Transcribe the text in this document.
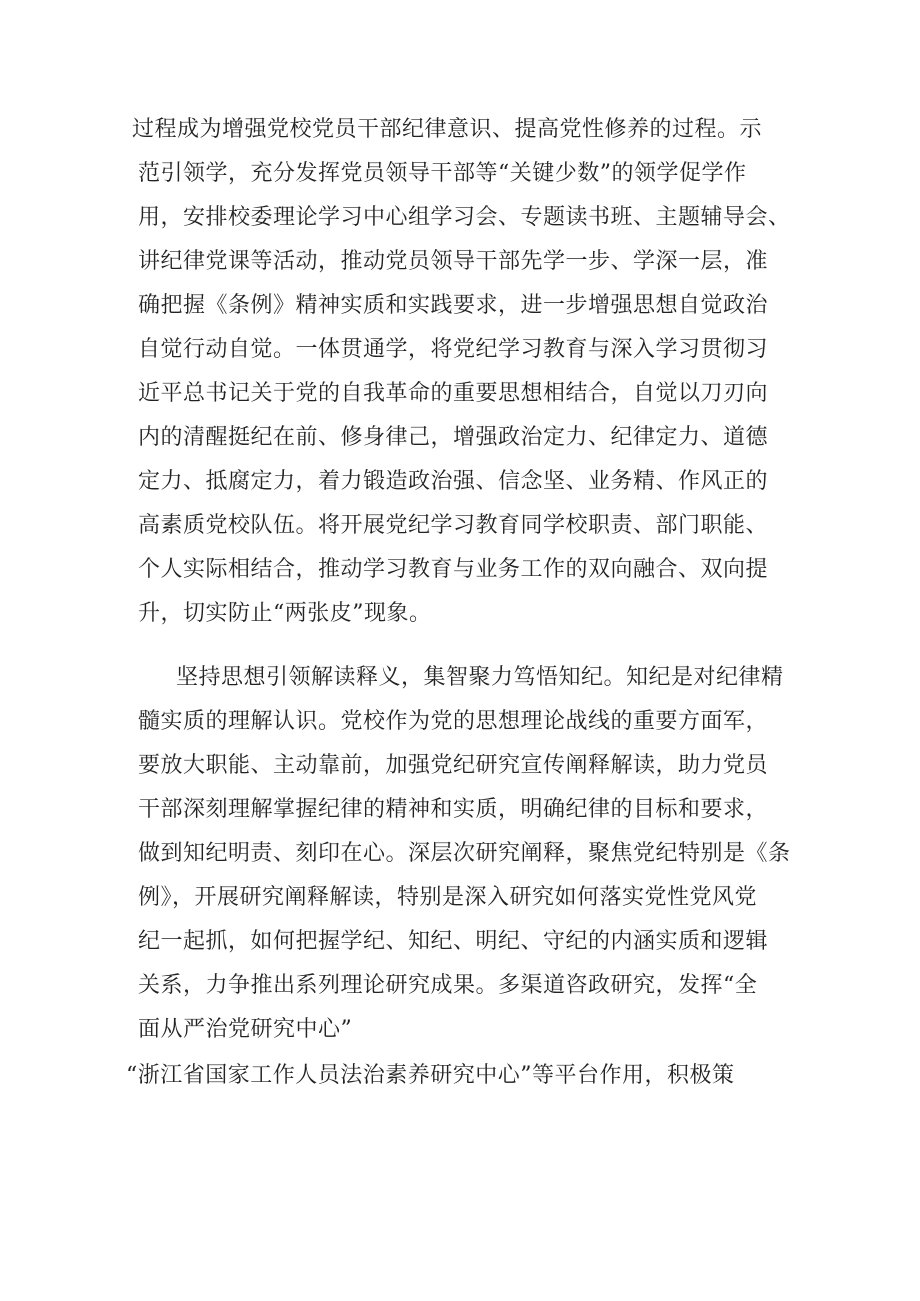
过程成为增强党校党员干部纪律意识、提高党性修养的过程。示
范引领学，充分发挥党员领导干部等“关键少数”的领学促学作
用，安排校委理论学习中心组学习会、专题读书班、主题辅导会、
讲纪律党课等活动，推动党员领导干部先学一步、学深一层，准
确把握《条例》精神实质和实践要求，进一步增强思想自觉政治
自觉行动自觉。一体贯通学，将党纪学习教育与深入学习贯彻习
近平总书记关于党的自我革命的重要思想相结合，自觉以刀刃向
内的清醒挺纪在前、修身律己，增强政治定力、纪律定力、道德
定力、抵腐定力，着力锻造政治强、信念坚、业务精、作风正的
高素质党校队伍。将开展党纪学习教育同学校职责、部门职能、
个人实际相结合，推动学习教育与业务工作的双向融合、双向提
升，切实防止“两张皮”现象。
坚持思想引领解读释义，集智聚力笃悟知纪。知纪是对纪律精
髓实质的理解认识。党校作为党的思想理论战线的重要方面军，
要放大职能、主动靠前，加强党纪研究宣传阐释解读，助力党员
干部深刻理解掌握纪律的精神和实质，明确纪律的目标和要求，
做到知纪明责、刻印在心。深层次研究阐释，聚焦党纪特别是《条
例》，开展研究阐释解读，特别是深入研究如何落实党性党风党
纪一起抓，如何把握学纪、知纪、明纪、守纪的内涵实质和逻辑
关系，力争推出系列理论研究成果。多渠道咨政研究，发挥“全
面从严治党研究中心”
“浙江省国家工作人员法治素养研究中心”等平台作用，积极策
